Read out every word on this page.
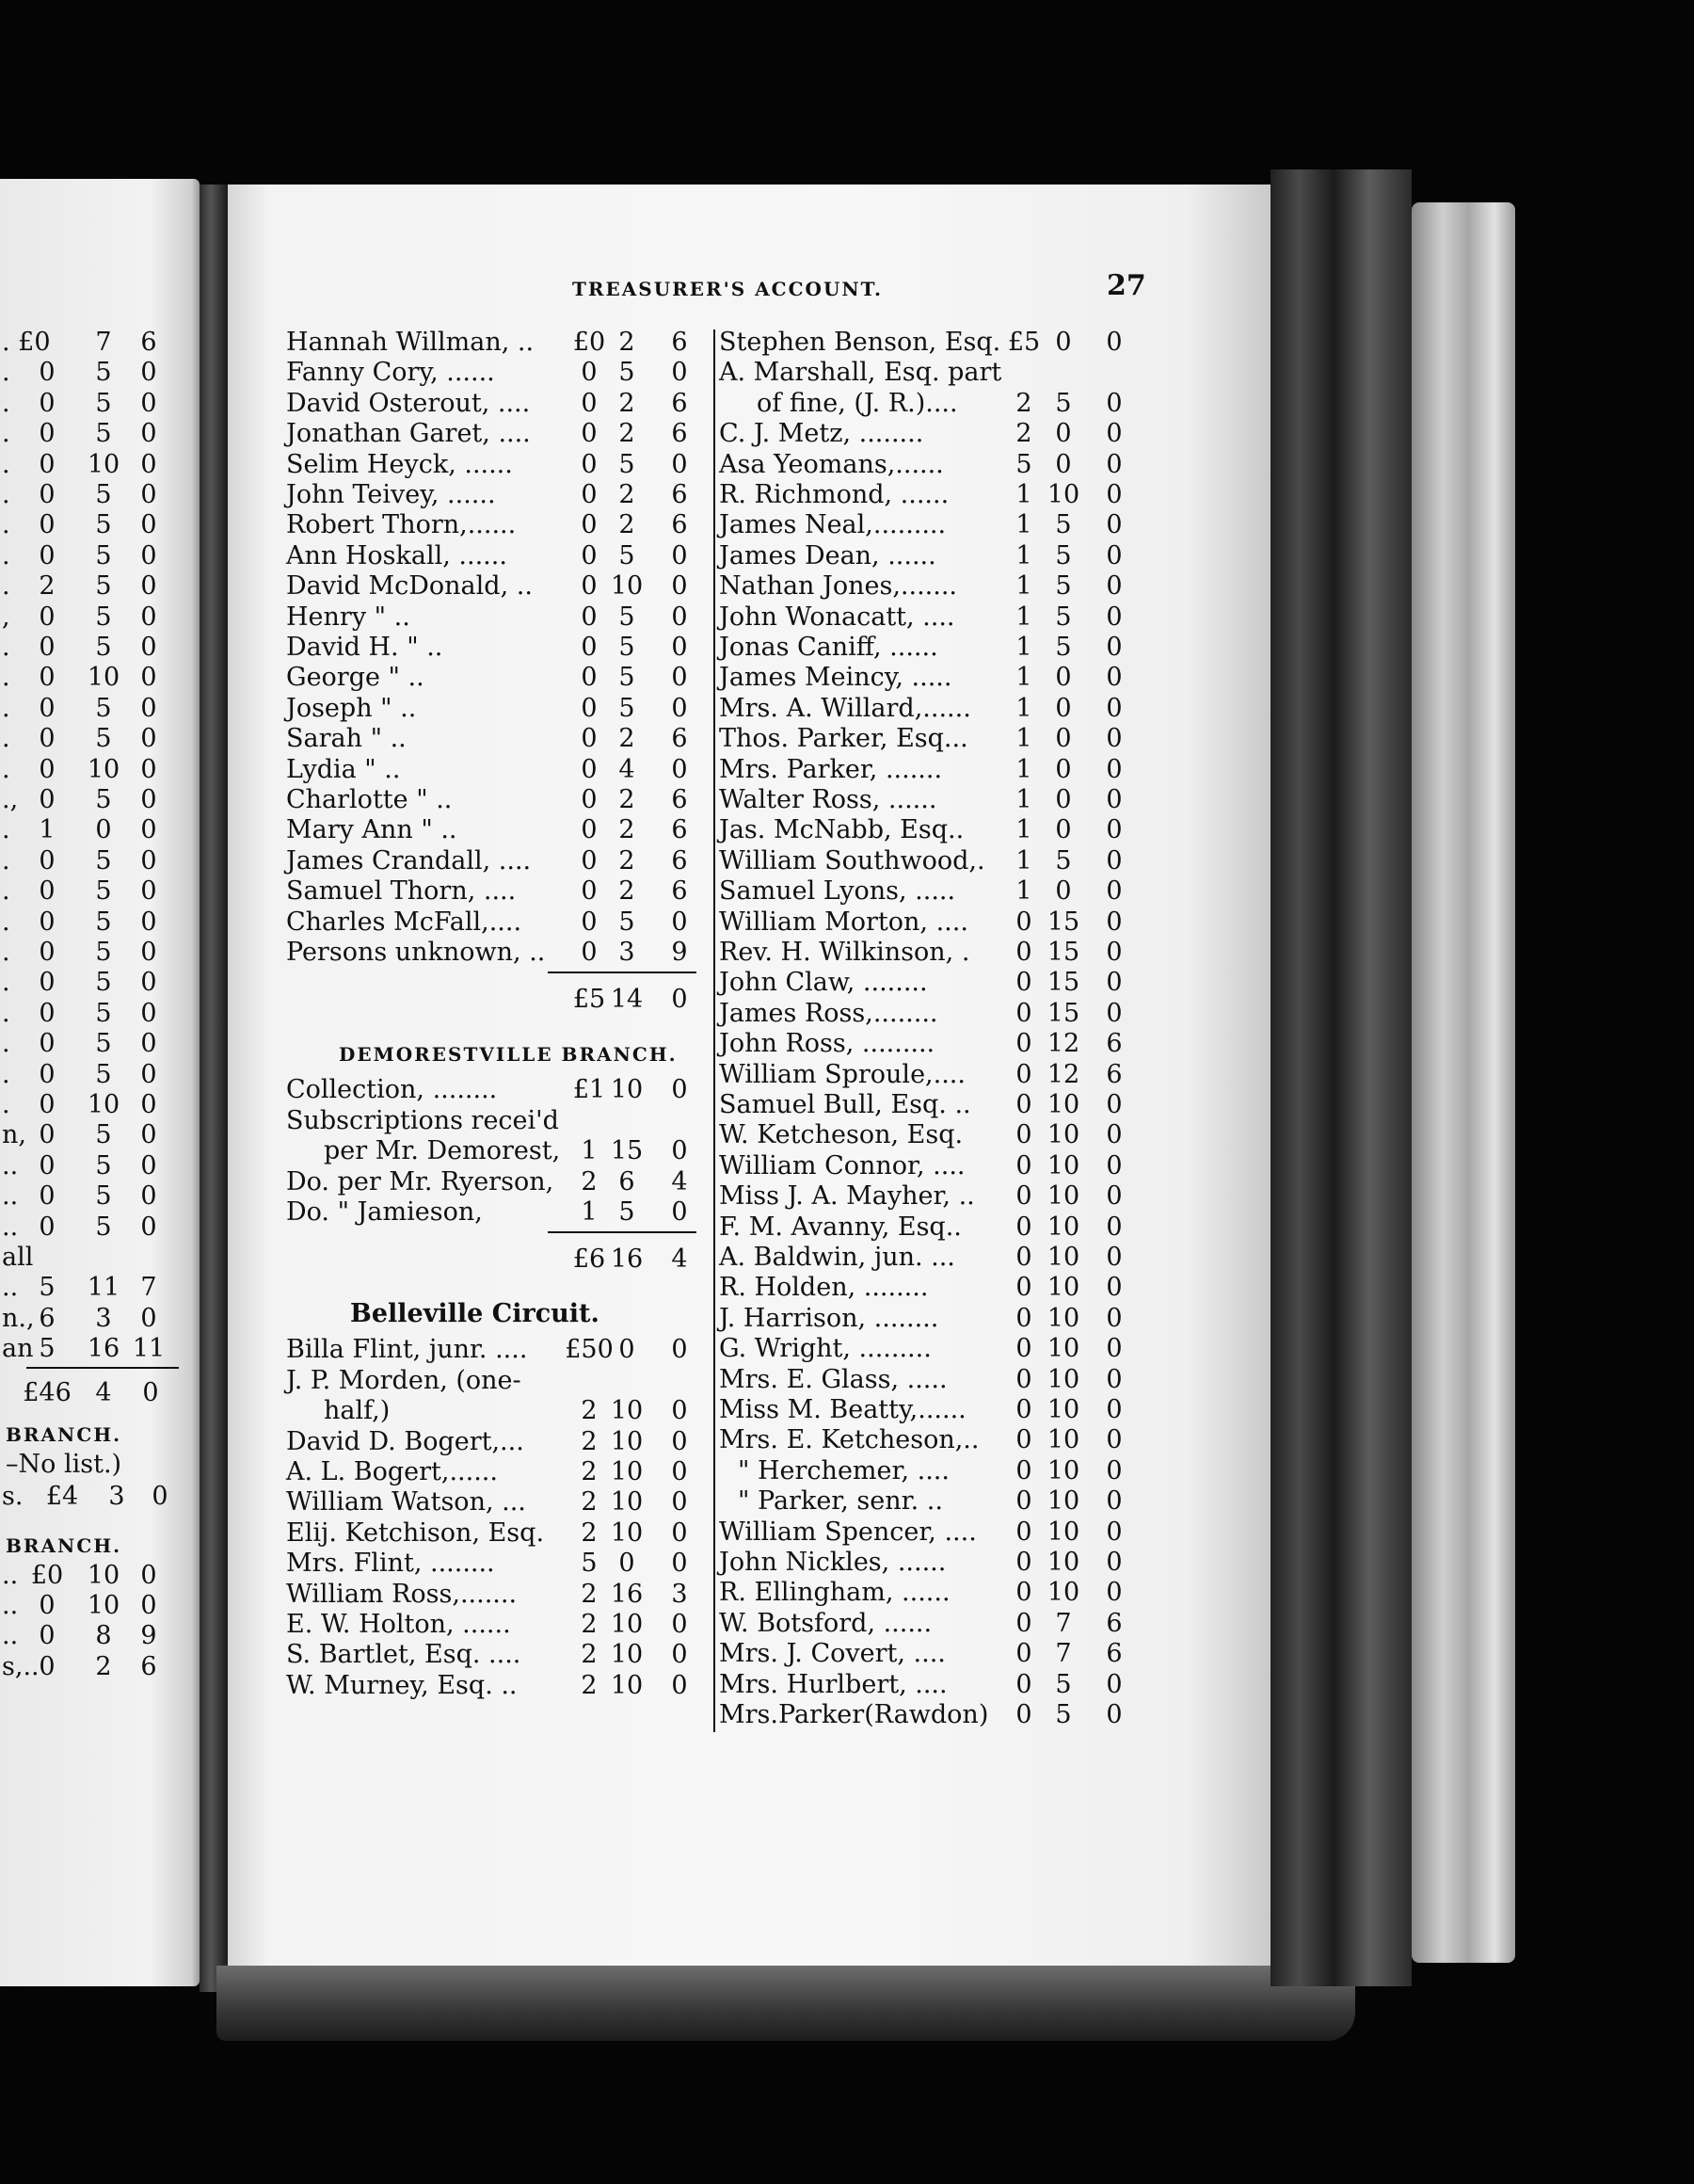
TREASURER'S ACCOUNT.	27
. £0 7 6
. 0 5 0
. 0 5 0
. 0 5 0
. 0 10 0
. 0 5 0
. 0 5 0
. 0 5 0
. 2 5 0
, 0 5 0
. 0 5 0
. 0 10 0
. 0 5 0
. 0 5 0
. 0 10 0
., 0 5 0
. 1 0 0
. 0 5 0
. 0 5 0
. 0 5 0
. 0 5 0
. 0 5 0
. 0 5 0
. 0 5 0
. 0 5 0
. 0 10 0
n, 0 5 0
.. 0 5 0
.. 0 5 0
.. 0 5 0
all
.. 5 11 7
n., 6 3 0
an 5 16 11
£46 4 0
BRANCH.
–No list.)
s. £4 3 0
BRANCH.
.. £0 10 0
.. 0 10 0
.. 0 8 9
s,.. 0 2 6
Hannah Willman, .. £0 2 6
Fanny Cory, ......	0 5 0
David Osterout, .... 0 2 6
Jonathan Garet, .... 0 2 6
Selim Heyck, ......	0 5 0
John Teivey, ......	0 2 6
Robert Thorn,......	0 2 6
Ann Hoskall, ......	0 5 0
David McDonald, .. 0 10 0
Henry " ..	0 5 0
David H. " ..	0 5 0
George " ..	0 5 0
Joseph " ..	0 5 0
Sarah " ..	0 2 6
Lydia " ..	0 4 0
Charlotte " ..	0 2 6
Mary Ann " ..	0 2 6
James Crandall, .... 0 2 6
Samuel Thorn, ....	0 2 6
Charles McFall,.... 0 5 0
Persons unknown, .. 0 3 9
£5 14 0
DEMORESTVILLE BRANCH.
Collection, ........	£1 10 0
Subscriptions recei'd
per Mr. Demorest, 1 15 0
Do. per Mr. Ryerson, 2 6 4
Do. " Jamieson,	1 5 0
£6 16 4
Belleville Circuit.
Billa Flint, junr. .... £50 0 0
J. P. Morden, (one-
half,)	2 10 0
David D. Bogert,... 2 10 0
A. L. Bogert,......	2 10 0
William Watson, ... 2 10 0
Elij. Ketchison, Esq. 2 10 0
Mrs. Flint, ........	5 0 0
William Ross,.......	2 16 3
E. W. Holton, ......	2 10 0
S. Bartlet, Esq. .... 2 10 0
W. Murney, Esq. ..	2 10 0
Stephen Benson, Esq. £5 0 0
A. Marshall, Esq. part
of fine, (J. R.).... 2 5 0
C. J. Metz, ........	2 0 0
Asa Yeomans,......	5 0 0
R. Richmond, ......	1 10 0
James Neal,.........	1 5 0
James Dean, ......	1 5 0
Nathan Jones,....... 1 5 0
John Wonacatt, .... 1 5 0
Jonas Caniff, ......	1 5 0
James Meincy, .....	1 0 0
Mrs. A. Willard,...... 1 0 0
Thos. Parker, Esq... 1 0 0
Mrs. Parker, .......	1 0 0
Walter Ross, ......	1 0 0
Jas. McNabb, Esq.. 1 0 0
William Southwood,. 1 5 0
Samuel Lyons, ..... 1 0 0
William Morton, .... 0 15 0
Rev. H. Wilkinson, . 0 15 0
John Claw, ........	0 15 0
James Ross,........	0 15 0
John Ross, .........	0 12 6
William Sproule,.... 0 12 6
Samuel Bull, Esq. .. 0 10 0
W. Ketcheson, Esq. 0 10 0
William Connor, .... 0 10 0
Miss J. A. Mayher, .. 0 10 0
F. M. Avanny, Esq.. 0 10 0
A. Baldwin, jun. ... 0 10 0
R. Holden, ........	0 10 0
J. Harrison, ........	0 10 0
G. Wright, .........	0 10 0
Mrs. E. Glass, .....	0 10 0
Miss M. Beatty,...... 0 10 0
Mrs. E. Ketcheson,.. 0 10 0
" Herchemer, ....	0 10 0
" Parker, senr. ..	0 10 0
William Spencer, .... 0 10 0
John Nickles, ......	0 10 0
R. Ellingham, ......	0 10 0
W. Botsford, ......	0 7 6
Mrs. J. Covert, ....	0 7 6
Mrs. Hurlbert, ....	0 5 0
Mrs.Parker(Rawdon) 0 5 0
